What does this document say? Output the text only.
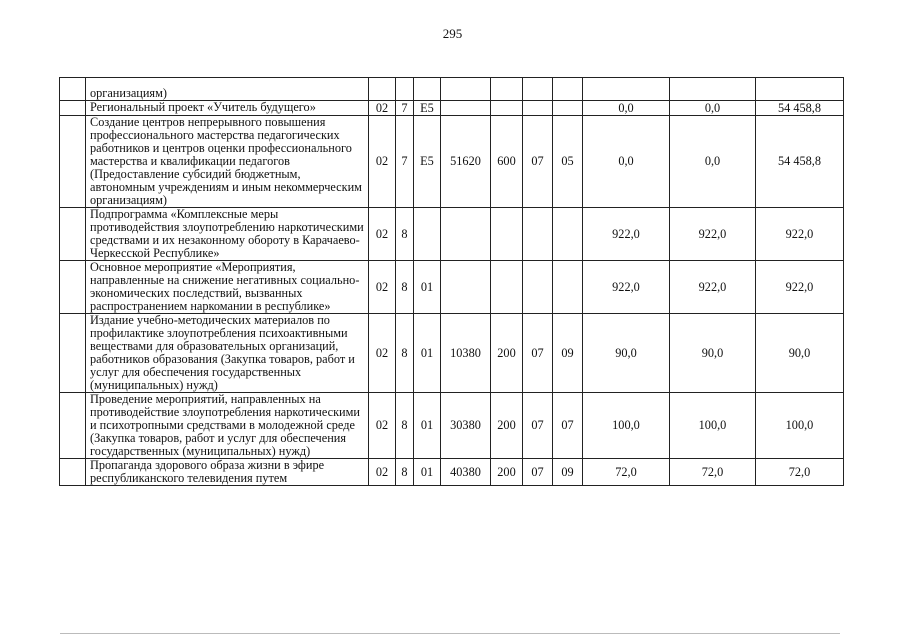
295
	организациям)										
	Региональный проект «Учитель будущего»	02	7	E5					0,0	0,0	54 458,8
	Создание центров непрерывного повышения профессионального мастерства педагогических работников и центров оценки профессионального мастерства и квалификации педагогов (Предоставление субсидий бюджетным, автономным учреждениям и иным некоммерческим организациям)	02	7	E5	51620	600	07	05	0,0	0,0	54 458,8
	Подпрограмма «Комплексные меры противодействия злоупотреблению наркотическими средствами и их незаконному обороту в Карачаево-Черкесской Республике»	02	8						922,0	922,0	922,0
	Основное мероприятие «Мероприятия, направленные на снижение негативных социально-экономических последствий, вызванных распространением наркомании в республике»	02	8	01					922,0	922,0	922,0
	Издание учебно-методических материалов по профилактике злоупотребления психоактивными веществами для образовательных организаций, работников образования (Закупка товаров, работ и услуг для обеспечения государственных (муниципальных) нужд)	02	8	01	10380	200	07	09	90,0	90,0	90,0
	Проведение мероприятий, направленных на противодействие злоупотребления наркотическими и психотропными средствами в молодежной среде (Закупка товаров, работ и услуг для обеспечения государственных (муниципальных) нужд)	02	8	01	30380	200	07	07	100,0	100,0	100,0
	Пропаганда здорового образа жизни в эфире республиканского телевидения путем	02	8	01	40380	200	07	09	72,0	72,0	72,0
